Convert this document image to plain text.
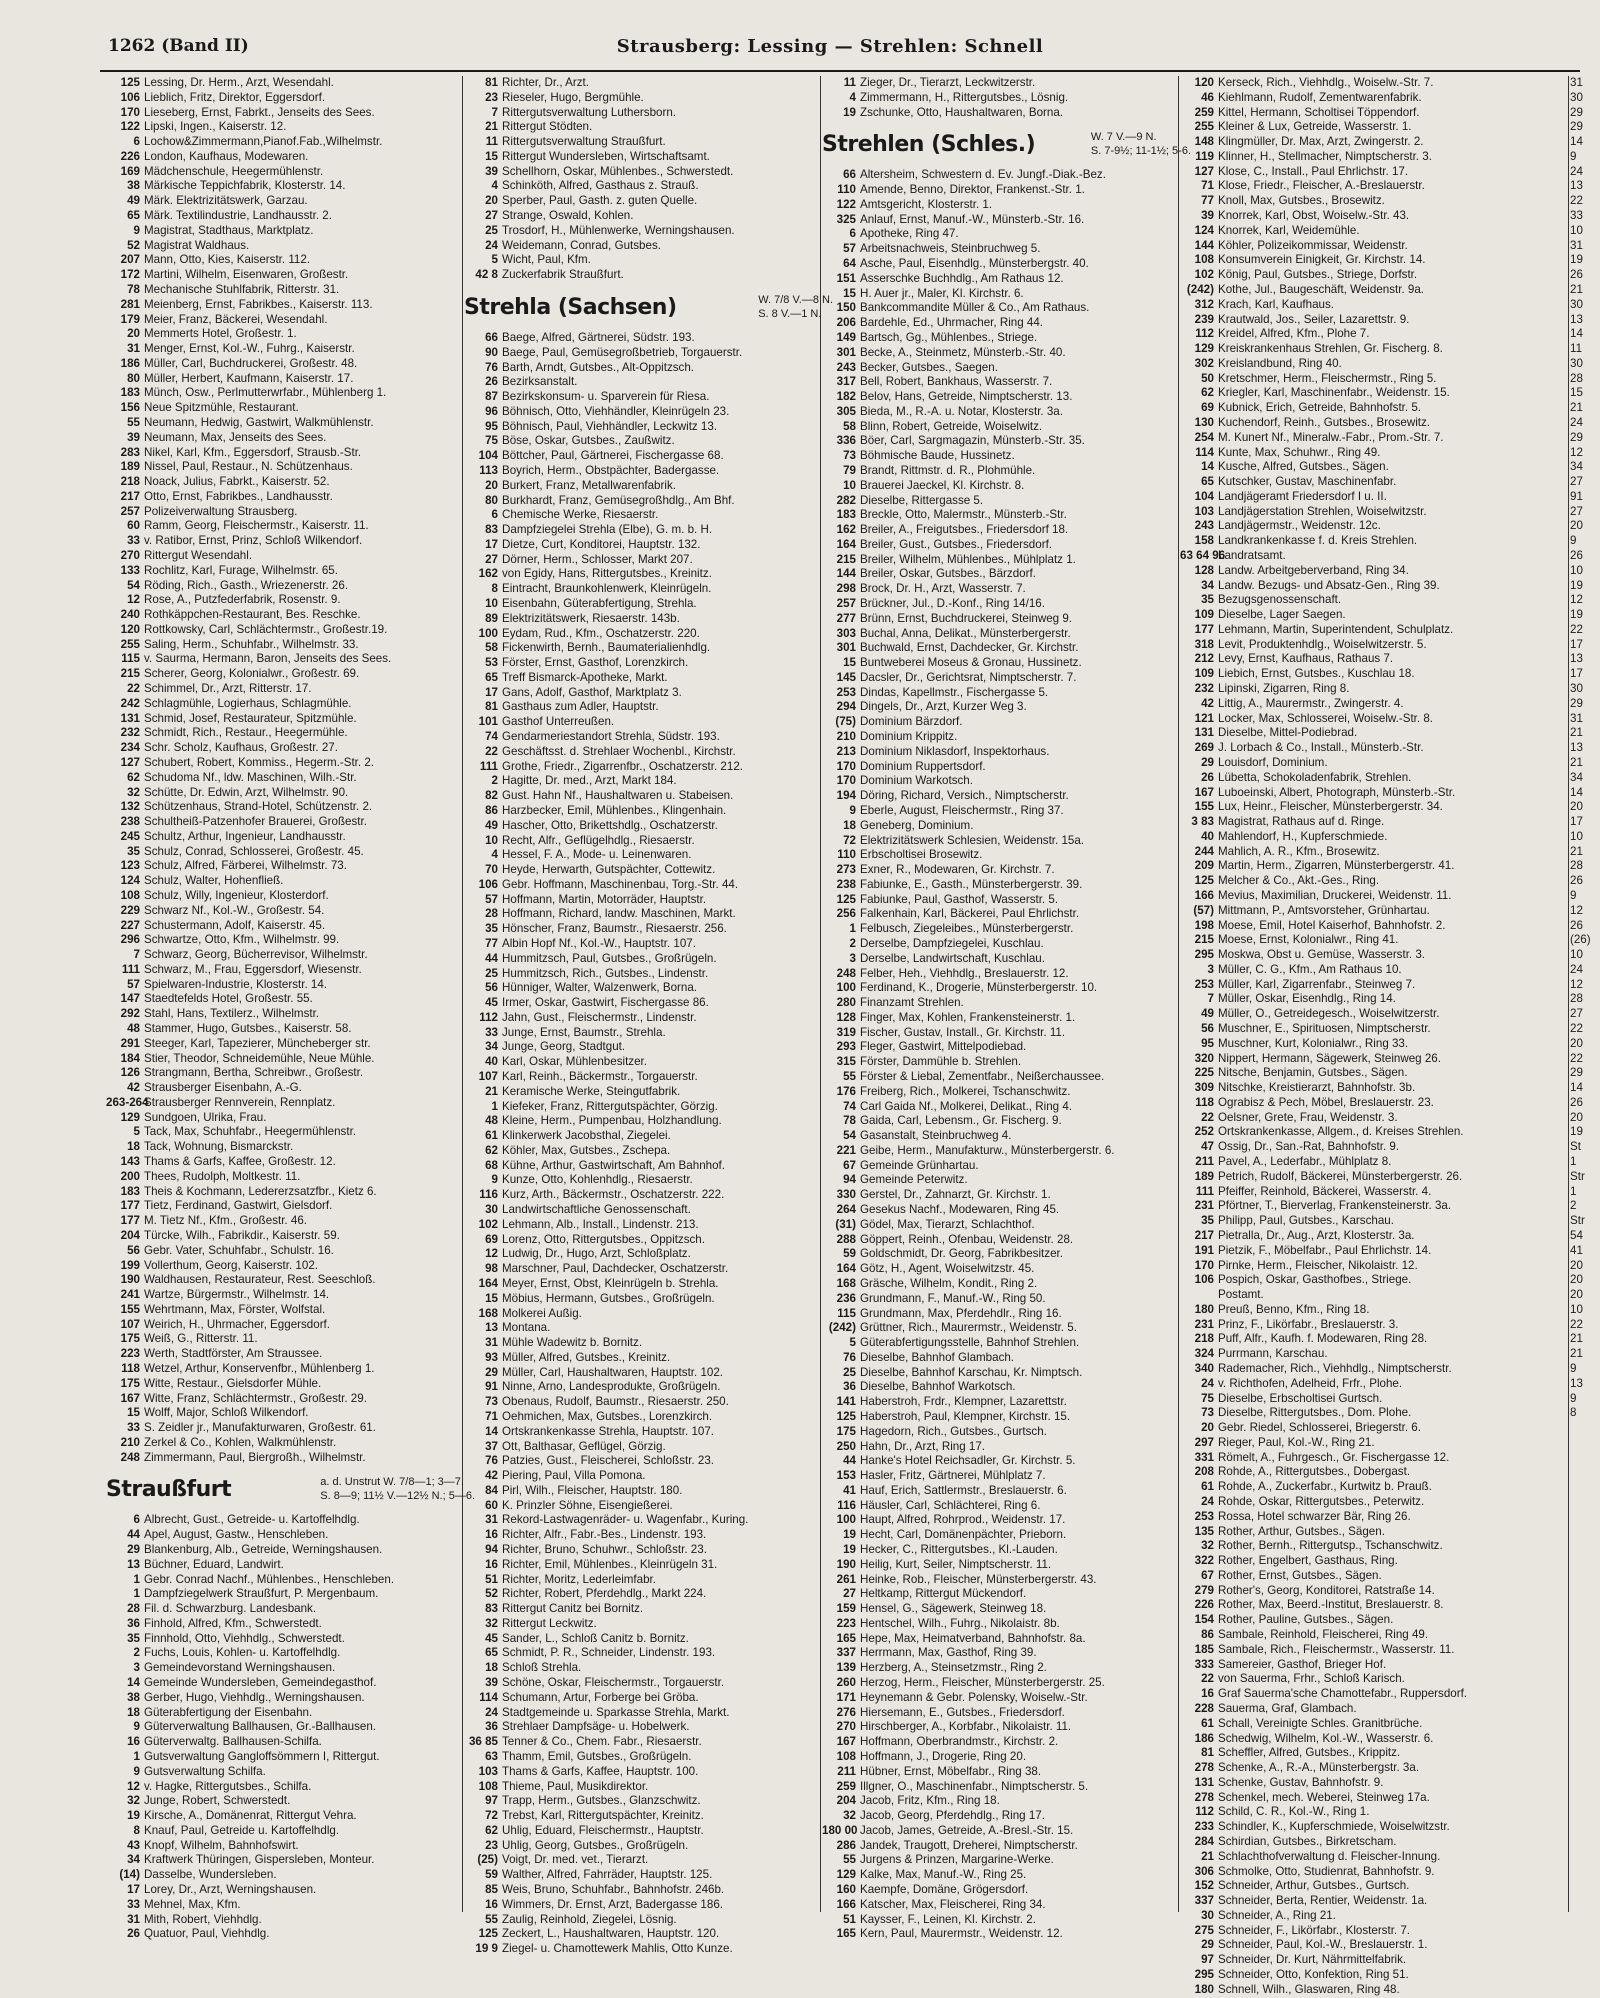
1262 (Band II)	Strausberg: Lessing — Strehlen: Schnell
125 Lessing, Dr. Herm., Arzt, Wesendahl.
106 Lieblich, Fritz, Direktor, Eggersdorf.
170 Lieseberg, Ernst, Fabrkt., Jenseits des Sees.
122 Lipski, Ingen., Kaiserstr. 12.
6 Lochow&Zimmermann,Pianof.Fab.,Wilhelmstr.
226 London, Kaufhaus, Modewaren.
169 Mädchenschule, Heegermühlenstr.
38 Märkische Teppichfabrik, Klosterstr. 14.
49 Märk. Elektrizitätswerk, Garzau.
65 Märk. Textilindustrie, Landhausstr. 2.
9 Magistrat, Stadthaus, Marktplatz.
52 Magistrat Waldhaus.
207 Mann, Otto, Kies, Kaiserstr. 112.
172 Martini, Wilhelm, Eisenwaren, Großestr.
78 Mechanische Stuhlfabrik, Ritterstr. 31.
281 Meienberg, Ernst, Fabrikbes., Kaiserstr. 113.
179 Meier, Franz, Bäckerei, Wesendahl.
20 Memmerts Hotel, Großestr. 1.
31 Menger, Ernst, Kol.-W., Fuhrg., Kaiserstr.
186 Müller, Carl, Buchdruckerei, Großestr. 48.
80 Müller, Herbert, Kaufmann, Kaiserstr. 17.
183 Münch, Osw., Perlmutterwrfabr., Mühlenberg 1.
156 Neue Spitzmühle, Restaurant.
55 Neumann, Hedwig, Gastwirt, Walkmühlenstr.
39 Neumann, Max, Jenseits des Sees.
283 Nikel, Karl, Kfm., Eggersdorf, Strausb.-Str.
189 Nissel, Paul, Restaur., N. Schützenhaus.
218 Noack, Julius, Fabrkt., Kaiserstr. 52.
217 Otto, Ernst, Fabrikbes., Landhausstr.
257 Polizeiverwaltung Strausberg.
60 Ramm, Georg, Fleischermstr., Kaiserstr. 11.
33 v. Ratibor, Ernst, Prinz, Schloß Wilkendorf.
270 Rittergut Wesendahl.
133 Rochlitz, Karl, Furage, Wilhelmstr. 65.
54 Röding, Rich., Gasth., Wriezenerstr. 26.
12 Rose, A., Putzfederfabrik, Rosenstr. 9.
240 Rothkäppchen-Restaurant, Bes. Reschke.
120 Rottkowsky, Carl, Schlächtermstr., Großestr.19.
255 Saling, Herm., Schuhfabr., Wilhelmstr. 33.
115 v. Saurma, Hermann, Baron, Jenseits des Sees.
215 Scherer, Georg, Kolonialwr., Großestr. 69.
22 Schimmel, Dr., Arzt, Ritterstr. 17.
242 Schlagmühle, Logierhaus, Schlagmühle.
131 Schmid, Josef, Restaurateur, Spitzmühle.
232 Schmidt, Rich., Restaur., Heegermühle.
234 Schr. Scholz, Kaufhaus, Großestr. 27.
127 Schubert, Robert, Kommiss., Hegerm.-Str. 2.
62 Schudoma Nf., ldw. Maschinen, Wilh.-Str.
32 Schütte, Dr. Edwin, Arzt, Wilhelmstr. 90.
132 Schützenhaus, Strand-Hotel, Schützenstr. 2.
238 Schultheiß-Patzenhofer Brauerei, Großestr.
245 Schultz, Arthur, Ingenieur, Landhausstr.
35 Schulz, Conrad, Schlosserei, Großestr. 45.
123 Schulz, Alfred, Färberei, Wilhelmstr. 73.
124 Schulz, Walter, Hohenfließ.
108 Schulz, Willy, Ingenieur, Klosterdorf.
229 Schwarz Nf., Kol.-W., Großestr. 54.
227 Schustermann, Adolf, Kaiserstr. 45.
296 Schwartze, Otto, Kfm., Wilhelmstr. 99.
7 Schwarz, Georg, Bücherrevisor, Wilhelmstr.
111 Schwarz, M., Frau, Eggersdorf, Wiesenstr.
57 Spielwaren-Industrie, Klosterstr. 14.
147 Staedtefelds Hotel, Großestr. 55.
292 Stahl, Hans, Textilerz., Wilhelmstr.
48 Stammer, Hugo, Gutsbes., Kaiserstr. 58.
291 Steeger, Karl, Tapezierer, Müncheberger str.
184 Stier, Theodor, Schneidemühle, Neue Mühle.
126 Strangmann, Bertha, Schreibwr., Großestr.
42 Strausberger Eisenbahn, A.-G.
263-264Strausberger Rennverein, Rennplatz.
129 Sundgoen, Ulrika, Frau.
5 Tack, Max, Schuhfabr., Heegermühlenstr.
18 Tack, Wohnung, Bismarckstr.
143 Thams & Garfs, Kaffee, Großestr. 12.
200 Thees, Rudolph, Moltkestr. 11.
183 Theis & Kochmann, Ledererzsatzfbr., Kietz 6.
177 Tietz, Ferdinand, Gastwirt, Gielsdorf.
177 M. Tietz Nf., Kfm., Großestr. 46.
204 Türcke, Wilh., Fabrikdir., Kaiserstr. 59.
56 Gebr. Vater, Schuhfabr., Schulstr. 16.
199 Vollerthum, Georg, Kaiserstr. 102.
190 Waldhausen, Restaurateur, Rest. Seeschloß.
241 Wartze, Bürgermstr., Wilhelmstr. 14.
155 Wehrtmann, Max, Förster, Wolfstal.
107 Weirich, H., Uhrmacher, Eggersdorf.
175 Weiß, G., Ritterstr. 11.
223 Werth, Stadtförster, Am Straussee.
118 Wetzel, Arthur, Konservenfbr., Mühlenberg 1.
175 Witte, Restaur., Gielsdorfer Mühle.
167 Witte, Franz, Schlächtermstr., Großestr. 29.
15 Wolff, Major, Schloß Wilkendorf.
33 S. Zeidler jr., Manufakturwaren, Großestr. 61.
210 Zerkel & Co., Kohlen, Walkmühlenstr.
248 Zimmermann, Paul, Biergroßh., Wilhelmstr.
Straußfurt	a. d. Unstrut W. 7/8—1; 3—7.
S. 8—9; 11½ V.—12½ N.; 5—6.
6 Albrecht, Gust., Getreide- u. Kartoffelhdlg.
44 Apel, August, Gastw., Henschleben.
29 Blankenburg, Alb., Getreide, Werningshausen.
13 Büchner, Eduard, Landwirt.
1 Gebr. Conrad Nachf., Mühlenbes., Henschleben.
1 Dampfziegelwerk Straußfurt, P. Mergenbaum.
28 Fil. d. Schwarzburg. Landesbank.
36 Finhold, Alfred, Kfm., Schwerstedt.
35 Finnhold, Otto, Viehhdlg., Schwerstedt.
2 Fuchs, Louis, Kohlen- u. Kartoffelhdlg.
3 Gemeindevorstand Werningshausen.
14 Gemeinde Wundersleben, Gemeindegasthof.
38 Gerber, Hugo, Viehhdlg., Werningshausen.
18 Güterabfertigung der Eisenbahn.
9 Güterverwaltung Ballhausen, Gr.-Ballhausen.
16 Güterverwaltg. Ballhausen-Schilfa.
1 Gutsverwaltung Gangloffsömmern I, Rittergut.
9 Gutsverwaltung Schilfa.
12 v. Hagke, Rittergutsbes., Schilfa.
32 Junge, Robert, Schwerstedt.
19 Kirsche, A., Domänenrat, Rittergut Vehra.
8 Knauf, Paul, Getreide u. Kartoffelhdlg.
43 Knopf, Wilhelm, Bahnhofswirt.
34 Kraftwerk Thüringen, Gispersleben, Monteur.
(14) Dasselbe, Wundersleben.
17 Lorey, Dr., Arzt, Werningshausen.
33 Mehnel, Max, Kfm.
31 Mith, Robert, Viehhdlg.
26 Quatuor, Paul, Viehhdlg.
81 Richter, Dr., Arzt.
23 Rieseler, Hugo, Bergmühle.
7 Rittergutsverwaltung Luthersborn.
21 Rittergut Stödten.
11 Rittergutsverwaltung Straußfurt.
15 Rittergut Wundersleben, Wirtschaftsamt.
39 Schellhorn, Oskar, Mühlenbes., Schwerstedt.
4 Schinköth, Alfred, Gasthaus z. Strauß.
20 Sperber, Paul, Gasth. z. guten Quelle.
27 Strange, Oswald, Kohlen.
25 Trosdorf, H., Mühlenwerke, Werningshausen.
24 Weidemann, Conrad, Gutsbes.
5 Wicht, Paul, Kfm.
42 8 Zuckerfabrik Straußfurt.
Strehla (Sachsen)	W. 7/8 V.—8 N.
S. 8 V.—1 N.
66 Baege, Alfred, Gärtnerei, Südstr. 193.
90 Baege, Paul, Gemüsegroßbetrieb, Torgauerstr.
76 Barth, Arndt, Gutsbes., Alt-Oppitzsch.
26 Bezirksanstalt.
87 Bezirkskonsum- u. Sparverein für Riesa.
96 Böhnisch, Otto, Viehhändler, Kleinrügeln 23.
95 Böhnisch, Paul, Viehhändler, Leckwitz 13.
75 Böse, Oskar, Gutsbes., Zaußwitz.
104 Böttcher, Paul, Gärtnerei, Fischergasse 68.
113 Boyrich, Herm., Obstpächter, Badergasse.
20 Burkert, Franz, Metallwarenfabrik.
80 Burkhardt, Franz, Gemüsegroßhdlg., Am Bhf.
6 Chemische Werke, Riesaerstr.
83 Dampfziegelei Strehla (Elbe), G. m. b. H.
17 Dietze, Curt, Konditorei, Hauptstr. 132.
27 Dörner, Herm., Schlosser, Markt 207.
162 von Egidy, Hans, Rittergutsbes., Kreinitz.
8 Eintracht, Braunkohlenwerk, Kleinrügeln.
10 Eisenbahn, Güterabfertigung, Strehla.
89 Elektrizitätswerk, Riesaerstr. 143b.
100 Eydam, Rud., Kfm., Oschatzerstr. 220.
58 Fickenwirth, Bernh., Baumaterialienhdlg.
53 Förster, Ernst, Gasthof, Lorenzkirch.
65 Treff Bismarck-Apotheke, Markt.
17 Gans, Adolf, Gasthof, Marktplatz 3.
81 Gasthaus zum Adler, Hauptstr.
101 Gasthof Unterreußen.
74 Gendarmeriestandort Strehla, Südstr. 193.
22 Geschäftsst. d. Strehlaer Wochenbl., Kirchstr.
111 Grothe, Friedr., Zigarrenfbr., Oschatzerstr. 212.
2 Hagitte, Dr. med., Arzt, Markt 184.
82 Gust. Hahn Nf., Haushaltwaren u. Stabeisen.
86 Harzbecker, Emil, Mühlenbes., Klingenhain.
49 Hascher, Otto, Brikettshdlg., Oschatzerstr.
10 Recht, Alfr., Geflügelhdlg., Riesaerstr.
4 Hessel, F. A., Mode- u. Leinenwaren.
70 Heyde, Herwarth, Gutspächter, Cottewitz.
106 Gebr. Hoffmann, Maschinenbau, Torg.-Str. 44.
57 Hoffmann, Martin, Motorräder, Hauptstr.
28 Hoffmann, Richard, landw. Maschinen, Markt.
35 Hönscher, Franz, Baumstr., Riesaerstr. 256.
77 Albin Hopf Nf., Kol.-W., Hauptstr. 107.
44 Hummitzsch, Paul, Gutsbes., Großrügeln.
25 Hummitzsch, Rich., Gutsbes., Lindenstr.
56 Hünniger, Walter, Walzenwerk, Borna.
45 Irmer, Oskar, Gastwirt, Fischergasse 86.
112 Jahn, Gust., Fleischermstr., Lindenstr.
33 Junge, Ernst, Baumstr., Strehla.
34 Junge, Georg, Stadtgut.
40 Karl, Oskar, Mühlenbesitzer.
107 Karl, Reinh., Bäckermstr., Torgauerstr.
21 Keramische Werke, Steingutfabrik.
1 Kiefeker, Franz, Rittergutspächter, Görzig.
48 Kleine, Herm., Pumpenbau, Holzhandlung.
61 Klinkerwerk Jacobsthal, Ziegelei.
62 Köhler, Max, Gutsbes., Zschepa.
68 Kühne, Arthur, Gastwirtschaft, Am Bahnhof.
9 Kunze, Otto, Kohlenhdlg., Riesaerstr.
116 Kurz, Arth., Bäckermstr., Oschatzerstr. 222.
30 Landwirtschaftliche Genossenschaft.
102 Lehmann, Alb., Install., Lindenstr. 213.
69 Lorenz, Otto, Rittergutsbes., Oppitzsch.
12 Ludwig, Dr., Hugo, Arzt, Schloßplatz.
98 Marschner, Paul, Dachdecker, Oschatzerstr.
164 Meyer, Ernst, Obst, Kleinrügeln b. Strehla.
15 Möbius, Hermann, Gutsbes., Großrügeln.
168 Molkerei Außig.
13 Montana.
31 Mühle Wadewitz b. Bornitz.
93 Müller, Alfred, Gutsbes., Kreinitz.
29 Müller, Carl, Haushaltwaren, Hauptstr. 102.
91 Ninne, Arno, Landesprodukte, Großrügeln.
73 Obenaus, Rudolf, Baumstr., Riesaerstr. 250.
71 Oehmichen, Max, Gutsbes., Lorenzkirch.
14 Ortskrankenkasse Strehla, Hauptstr. 107.
37 Ott, Balthasar, Geflügel, Görzig.
76 Patzies, Gust., Fleischerei, Schloßstr. 23.
42 Piering, Paul, Villa Pomona.
84 Pirl, Wilh., Fleischer, Hauptstr. 180.
60 K. Prinzler Söhne, Eisengießerei.
31 Rekord-Lastwagenräder- u. Wagenfabr., Kuring.
16 Richter, Alfr., Fabr.-Bes., Lindenstr. 193.
94 Richter, Bruno, Schuhwr., Schloßstr. 23.
16 Richter, Emil, Mühlenbes., Kleinrügeln 31.
51 Richter, Moritz, Lederleimfabr.
52 Richter, Robert, Pferdehdlg., Markt 224.
83 Rittergut Canitz bei Bornitz.
32 Rittergut Leckwitz.
45 Sander, L., Schloß Canitz b. Bornitz.
65 Schmidt, P. R., Schneider, Lindenstr. 193.
18 Schloß Strehla.
39 Schöne, Oskar, Fleischermstr., Torgauerstr.
114 Schumann, Artur, Forberge bei Gröba.
24 Stadtgemeinde u. Sparkasse Strehla, Markt.
36 Strehlaer Dampfsäge- u. Hobelwerk.
36 85 Tenner & Co., Chem. Fabr., Riesaerstr.
63 Thamm, Emil, Gutsbes., Großrügeln.
103 Thams & Garfs, Kaffee, Hauptstr. 100.
108 Thieme, Paul, Musikdirektor.
97 Trapp, Herm., Gutsbes., Glanzschwitz.
72 Trebst, Karl, Rittergutspächter, Kreinitz.
62 Uhlig, Eduard, Fleischermstr., Hauptstr.
23 Uhlig, Georg, Gutsbes., Großrügeln.
(25) Voigt, Dr. med. vet., Tierarzt.
59 Walther, Alfred, Fahrräder, Hauptstr. 125.
85 Weis, Bruno, Schuhfabr., Bahnhofstr. 246b.
16 Wimmers, Dr. Ernst, Arzt, Badergasse 186.
55 Zaulig, Reinhold, Ziegelei, Lösnig.
125 Zeckert, L., Haushaltwaren, Hauptstr. 120.
19 9 Ziegel- u. Chamottewerk Mahlis, Otto Kunze.
11 Zieger, Dr., Tierarzt, Leckwitzerstr.
4 Zimmermann, H., Rittergutsbes., Lösnig.
19 Zschunke, Otto, Haushaltwaren, Borna.
Strehlen (Schles.)	W. 7 V.—9 N.
S. 7-9½; 11-1½; 5-6.
66 Altersheim, Schwestern d. Ev. Jungf.-Diak.-Bez.
110 Amende, Benno, Direktor, Frankenst.-Str. 1.
122 Amtsgericht, Klosterstr. 1.
325 Anlauf, Ernst, Manuf.-W., Münsterb.-Str. 16.
6 Apotheke, Ring 47.
57 Arbeitsnachweis, Steinbruchweg 5.
64 Asche, Paul, Eisenhdlg., Münsterbergstr. 40.
151 Asserschke Buchhdlg., Am Rathaus 12.
15 H. Auer jr., Maler, Kl. Kirchstr. 6.
150 Bankcommandite Müller & Co., Am Rathaus.
206 Bardehle, Ed., Uhrmacher, Ring 44.
149 Bartsch, Gg., Mühlenbes., Striege.
301 Becke, A., Steinmetz, Münsterb.-Str. 40.
243 Becker, Gutsbes., Saegen.
317 Bell, Robert, Bankhaus, Wasserstr. 7.
182 Belov, Hans, Getreide, Nimptscherstr. 13.
305 Bieda, M., R.-A. u. Notar, Klosterstr. 3a.
58 Blinn, Robert, Getreide, Woiselwitz.
336 Böer, Carl, Sargmagazin, Münsterb.-Str. 35.
73 Böhmische Baude, Hussinetz.
79 Brandt, Rittmstr. d. R., Plohmühle.
10 Brauerei Jaeckel, Kl. Kirchstr. 8.
282 Dieselbe, Rittergasse 5.
183 Breckle, Otto, Malermstr., Münsterb.-Str.
162 Breiler, A., Freigutsbes., Friedersdorf 18.
164 Breiler, Gust., Gutsbes., Friedersdorf.
215 Breiler, Wilhelm, Mühlenbes., Mühlplatz 1.
144 Breiler, Oskar, Gutsbes., Bärzdorf.
298 Brock, Dr. H., Arzt, Wasserstr. 7.
257 Brückner, Jul., D.-Konf., Ring 14/16.
277 Brünn, Ernst, Buchdruckerei, Steinweg 9.
303 Buchal, Anna, Delikat., Münsterbergerstr.
301 Buchwald, Ernst, Dachdecker, Gr. Kirchstr.
15 Buntweberei Moseus & Gronau, Hussinetz.
145 Dacsler, Dr., Gerichtsrat, Nimptscherstr. 7.
253 Dindas, Kapellmstr., Fischergasse 5.
294 Dingels, Dr., Arzt, Kurzer Weg 3.
(75) Dominium Bärzdorf.
210 Dominium Krippitz.
213 Dominium Niklasdorf, Inspektorhaus.
170 Dominium Ruppertsdorf.
170 Dominium Warkotsch.
194 Döring, Richard, Versich., Nimptscherstr.
9 Eberle, August, Fleischermstr., Ring 37.
18 Geneberg, Dominium.
72 Elektrizitätswerk Schlesien, Weidenstr. 15a.
110 Erbscholtisei Brosewitz.
273 Exner, R., Modewaren, Gr. Kirchstr. 7.
238 Fabiunke, E., Gasth., Münsterbergerstr. 39.
125 Fabiunke, Paul, Gasthof, Wasserstr. 5.
256 Falkenhain, Karl, Bäckerei, Paul Ehrlichstr.
1 Felbusch, Ziegeleibes., Münsterbergerstr.
2 Derselbe, Dampfziegelei, Kuschlau.
3 Derselbe, Landwirtschaft, Kuschlau.
248 Felber, Heh., Viehhdlg., Breslauerstr. 12.
100 Ferdinand, K., Drogerie, Münsterbergerstr. 10.
280 Finanzamt Strehlen.
128 Finger, Max, Kohlen, Frankensteinerstr. 1.
319 Fischer, Gustav, Install., Gr. Kirchstr. 11.
293 Fleger, Gastwirt, Mittelpodiebad.
315 Förster, Dammühle b. Strehlen.
55 Förster & Liebal, Zementfabr., Neißerchaussee.
176 Freiberg, Rich., Molkerei, Tschanschwitz.
74 Carl Gaida Nf., Molkerei, Delikat., Ring 4.
78 Gaida, Carl, Lebensm., Gr. Fischerg. 9.
54 Gasanstalt, Steinbruchweg 4.
221 Geibe, Herm., Manufakturw., Münsterbergerstr. 6.
67 Gemeinde Grünhartau.
94 Gemeinde Peterwitz.
330 Gerstel, Dr., Zahnarzt, Gr. Kirchstr. 1.
264 Gesekus Nachf., Modewaren, Ring 45.
(31) Gödel, Max, Tierarzt, Schlachthof.
288 Göppert, Reinh., Ofenbau, Weidenstr. 28.
59 Goldschmidt, Dr. Georg, Fabrikbesitzer.
164 Götz, H., Agent, Woiselwitzstr. 45.
168 Gräsche, Wilhelm, Kondit., Ring 2.
236 Grundmann, F., Manuf.-W., Ring 50.
115 Grundmann, Max, Pferdehdlr., Ring 16.
(242) Grüttner, Rich., Maurermstr., Weidenstr. 5.
5 Güterabfertigungsstelle, Bahnhof Strehlen.
76 Dieselbe, Bahnhof Glambach.
25 Dieselbe, Bahnhof Karschau, Kr. Nimptsch.
36 Dieselbe, Bahnhof Warkotsch.
141 Haberstroh, Frdr., Klempner, Lazarettstr.
125 Haberstroh, Paul, Klempner, Kirchstr. 15.
175 Hagedorn, Rich., Gutsbes., Gurtsch.
250 Hahn, Dr., Arzt, Ring 17.
44 Hanke's Hotel Reichsadler, Gr. Kirchstr. 5.
153 Hasler, Fritz, Gärtnerei, Mühlplatz 7.
41 Hauf, Erich, Sattlermstr., Breslauerstr. 6.
116 Häusler, Carl, Schlächterei, Ring 6.
100 Haupt, Alfred, Rohrprod., Weidenstr. 17.
19 Hecht, Carl, Domänenpächter, Prieborn.
19 Hecker, C., Rittergutsbes., Kl.-Lauden.
190 Heilig, Kurt, Seiler, Nimptscherstr. 11.
261 Heinke, Rob., Fleischer, Münsterbergerstr. 43.
27 Heltkamp, Rittergut Mückendorf.
159 Hensel, G., Sägewerk, Steinweg 18.
223 Hentschel, Wilh., Fuhrg., Nikolaistr. 8b.
165 Hepe, Max, Heimatverband, Bahnhofstr. 8a.
337 Herrmann, Max, Gasthof, Ring 39.
139 Herzberg, A., Steinsetzmstr., Ring 2.
260 Herzog, Herm., Fleischer, Münsterbergerstr. 25.
171 Heynemann & Gebr. Polensky, Woiselw.-Str.
276 Hiersemann, E., Gutsbes., Friedersdorf.
270 Hirschberger, A., Korbfabr., Nikolaistr. 11.
167 Hoffmann, Oberbrandmstr., Kirchstr. 2.
108 Hoffmann, J., Drogerie, Ring 20.
211 Hübner, Ernst, Möbelfabr., Ring 38.
259 Illgner, O., Maschinenfabr., Nimptscherstr. 5.
204 Jacob, Fritz, Kfm., Ring 18.
32 Jacob, Georg, Pferdehdlg., Ring 17.
180 00 Jacob, James, Getreide, A.-Bresl.-Str. 15.
286 Jandek, Traugott, Dreherei, Nimptscherstr.
55 Jurgens & Prinzen, Margarine-Werke.
129 Kalke, Max, Manuf.-W., Ring 25.
160 Kaempfe, Domäne, Grögersdorf.
166 Katscher, Max, Fleischerei, Ring 34.
51 Kaysser, F., Leinen, Kl. Kirchstr. 2.
165 Kern, Paul, Maurermstr., Weidenstr. 12.
120 Kerseck, Rich., Viehhdlg., Woiselw.-Str. 7.
46 Kiehlmann, Rudolf, Zementwarenfabrik.
259 Kittel, Hermann, Scholtisei Töppendorf.
255 Kleiner & Lux, Getreide, Wasserstr. 1.
148 Klingmüller, Dr. Max, Arzt, Zwingerstr. 2.
119 Klinner, H., Stellmacher, Nimptscherstr. 3.
127 Klose, C., Install., Paul Ehrlichstr. 17.
71 Klose, Friedr., Fleischer, A.-Breslauerstr.
77 Knoll, Max, Gutsbes., Brosewitz.
39 Knorrek, Karl, Obst, Woiselw.-Str. 43.
124 Knorrek, Karl, Weidemühle.
144 Köhler, Polizeikommissar, Weidenstr.
108 Konsumverein Einigkeit, Gr. Kirchstr. 14.
102 König, Paul, Gutsbes., Striege, Dorfstr.
(242) Kothe, Jul., Baugeschäft, Weidenstr. 9a.
312 Krach, Karl, Kaufhaus.
239 Krautwald, Jos., Seiler, Lazarettstr. 9.
112 Kreidel, Alfred, Kfm., Plohe 7.
129 Kreiskrankenhaus Strehlen, Gr. Fischerg. 8.
302 Kreislandbund, Ring 40.
50 Kretschmer, Herm., Fleischermstr., Ring 5.
62 Kriegler, Karl, Maschinenfabr., Weidenstr. 15.
69 Kubnick, Erich, Getreide, Bahnhofstr. 5.
130 Kuchendorf, Reinh., Gutsbes., Brosewitz.
254 M. Kunert Nf., Mineralw.-Fabr., Prom.-Str. 7.
114 Kunte, Max, Schuhwr., Ring 49.
14 Kusche, Alfred, Gutsbes., Sägen.
65 Kutschker, Gustav, Maschinenfabr.
104 Landjägeramt Friedersdorf I u. II.
103 Landjägerstation Strehlen, Woiselwitzstr.
243 Landjägermstr., Weidenstr. 12c.
158 Landkrankenkasse f. d. Kreis Strehlen.
63 64 96Landratsamt.
128 Landw. Arbeitgeberverband, Ring 34.
34 Landw. Bezugs- und Absatz-Gen., Ring 39.
35 Bezugsgenossenschaft.
109 Dieselbe, Lager Saegen.
177 Lehmann, Martin, Superintendent, Schulplatz.
318 Levit, Produktenhdlg., Woiselwitzerstr. 5.
212 Levy, Ernst, Kaufhaus, Rathaus 7.
109 Liebich, Ernst, Gutsbes., Kuschlau 18.
232 Lipinski, Zigarren, Ring 8.
42 Littig, A., Maurermstr., Zwingerstr. 4.
121 Locker, Max, Schlosserei, Woiselw.-Str. 8.
131 Dieselbe, Mittel-Podiebrad.
269 J. Lorbach & Co., Install., Münsterb.-Str.
29 Louisdorf, Dominium.
26 Lübetta, Schokoladenfabrik, Strehlen.
167 Luboeinski, Albert, Photograph, Münsterb.-Str.
155 Lux, Heinr., Fleischer, Münsterbergerstr. 34.
3 83 Magistrat, Rathaus auf d. Ringe.
40 Mahlendorf, H., Kupferschmiede.
244 Mahlich, A. R., Kfm., Brosewitz.
209 Martin, Herm., Zigarren, Münsterbergerstr. 41.
125 Melcher & Co., Akt.-Ges., Ring.
166 Mevius, Maximilian, Druckerei, Weidenstr. 11.
(57) Mittmann, P., Amtsvorsteher, Grünhartau.
198 Moese, Emil, Hotel Kaiserhof, Bahnhofstr. 2.
215 Moese, Ernst, Kolonialwr., Ring 41.
295 Moskwa, Obst u. Gemüse, Wasserstr. 3.
3 Müller, C. G., Kfm., Am Rathaus 10.
253 Müller, Karl, Zigarrenfabr., Steinweg 7.
7 Müller, Oskar, Eisenhdlg., Ring 14.
49 Müller, O., Getreidegesch., Woiselwitzerstr.
56 Muschner, E., Spirituosen, Nimptscherstr.
95 Muschner, Kurt, Kolonialwr., Ring 33.
320 Nippert, Hermann, Sägewerk, Steinweg 26.
225 Nitsche, Benjamin, Gutsbes., Sägen.
309 Nitschke, Kreistierarzt, Bahnhofstr. 3b.
118 Ograbisz & Pech, Möbel, Breslauerstr. 23.
22 Oelsner, Grete, Frau, Weidenstr. 3.
252 Ortskrankenkasse, Allgem., d. Kreises Strehlen.
47 Ossig, Dr., San.-Rat, Bahnhofstr. 9.
211 Pavel, A., Lederfabr., Mühlplatz 8.
189 Petrich, Rudolf, Bäckerei, Münsterbergerstr. 26.
111 Pfeiffer, Reinhold, Bäckerei, Wasserstr. 4.
231 Pförtner, T., Bierverlag, Frankensteinerstr. 3a.
35 Philipp, Paul, Gutsbes., Karschau.
217 Pietralla, Dr., Aug., Arzt, Klosterstr. 3a.
191 Pietzik, F., Möbelfabr., Paul Ehrlichstr. 14.
170 Pirnke, Herm., Fleischer, Nikolaistr. 12.
106 Pospich, Oskar, Gasthofbes., Striege.
Postamt.
180 Preuß, Benno, Kfm., Ring 18.
231 Prinz, F., Likörfabr., Breslauerstr. 3.
218 Puff, Alfr., Kaufh. f. Modewaren, Ring 28.
324 Purrmann, Karschau.
340 Rademacher, Rich., Viehhdlg., Nimptscherstr.
24 v. Richthofen, Adelheid, Frfr., Plohe.
75 Dieselbe, Erbscholtisei Gurtsch.
73 Dieselbe, Rittergutsbes., Dom. Plohe.
20 Gebr. Riedel, Schlosserei, Briegerstr. 6.
297 Rieger, Paul, Kol.-W., Ring 21.
331 Römelt, A., Fuhrgesch., Gr. Fischergasse 12.
208 Rohde, A., Rittergutsbes., Dobergast.
61 Rohde, A., Zuckerfabr., Kurtwitz b. Prauß.
24 Rohde, Oskar, Rittergutsbes., Peterwitz.
253 Rossa, Hotel schwarzer Bär, Ring 26.
135 Rother, Arthur, Gutsbes., Sägen.
32 Rother, Bernh., Rittergutsp., Tschanschwitz.
322 Rother, Engelbert, Gasthaus, Ring.
67 Rother, Ernst, Gutsbes., Sägen.
279 Rother's, Georg, Konditorei, Ratstraße 14.
226 Rother, Max, Beerd.-Institut, Breslauerstr. 8.
154 Rother, Pauline, Gutsbes., Sägen.
86 Sambale, Reinhold, Fleischerei, Ring 49.
185 Sambale, Rich., Fleischermstr., Wasserstr. 11.
333 Samereier, Gasthof, Brieger Hof.
22 von Sauerma, Frhr., Schloß Karisch.
16 Graf Sauerma'sche Chamottefabr., Ruppersdorf.
228 Sauerma, Graf, Glambach.
61 Schall, Vereinigte Schles. Granitbrüche.
186 Schedwig, Wilhelm, Kol.-W., Wasserstr. 6.
81 Scheffler, Alfred, Gutsbes., Krippitz.
278 Schenke, A., R.-A., Münsterbergstr. 3a.
131 Schenke, Gustav, Bahnhofstr. 9.
278 Schenkel, mech. Weberei, Steinweg 17a.
112 Schild, C. R., Kol.-W., Ring 1.
233 Schindler, K., Kupferschmiede, Woiselwitzstr.
284 Schirdian, Gutsbes., Birkretscham.
21 Schlachthofverwaltung d. Fleischer-Innung.
306 Schmolke, Otto, Studienrat, Bahnhofstr. 9.
152 Schneider, Arthur, Gutsbes., Gurtsch.
337 Schneider, Berta, Rentier, Weidenstr. 1a.
30 Schneider, A., Ring 21.
275 Schneider, F., Likörfabr., Klosterstr. 7.
29 Schneider, Paul, Kol.-W., Breslauerstr. 1.
97 Schneider, Dr. Kurt, Nährmittelfabrik.
295 Schneider, Otto, Konfektion, Ring 51.
180 Schnell, Wilh., Glaswaren, Ring 48.
31
30
29
29
14
9
24
13
22
33
10
31
19
26
21
30
13
14
11
30
28
15
21
24
29
12
34
27
91
27
20
9
26
10
19
12
19
22
17
13
17
30
29
31
21
13
21
34
14
20
17
10
21
28
26
9
12
26
(26)
10
24
12
28
27
22
20
22
29
14
26
20
19
St
1
Str
1
2
Str
54
41
20
20
20
10
22
21
21
9
13
9
8
